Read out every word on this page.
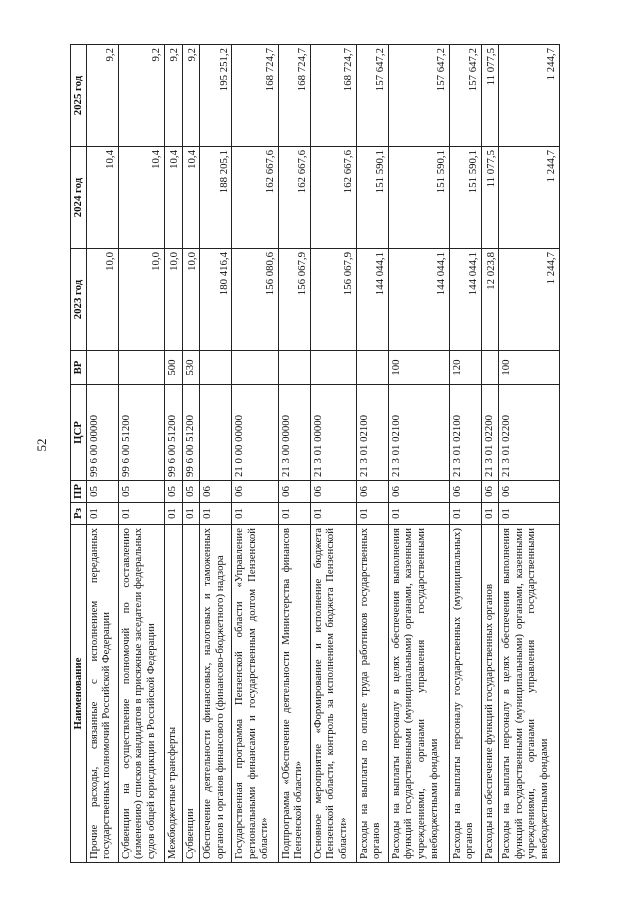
52
Наименование	Рз	ПР	ЦСР	ВР	2023 год	2024 год	2025 год
Прочие расходы, связанные с исполнением переданных государственных полномочий Российской Федерации	01	05	99 6 00 00000		10,0	10,4	9,2
Субвенции на осуществление полномочий по составлению (изменению) списков кандидатов в присяжные заседатели федеральных судов общей юрисдикции в Российской Федерации	01	05	99 6 00 51200		10,0	10,4	9,2
Межбюджетные трансферты	01	05	99 6 00 51200	500	10,0	10,4	9,2
Субвенции	01	05	99 6 00 51200	530	10,0	10,4	9,2
Обеспечение деятельности финансовых, налоговых и таможенных органов и органов финансового (финансово-бюджетного) надзора	01	06			180 416,4	188 205,1	195 251,2
Государственная программа Пензенской области «Управление региональными финансами и государственным долгом Пензенской области»	01	06	21 0 00 00000		156 080,6	162 667,6	168 724,7
Подпрограмма «Обеспечение деятельности Министерства финансов Пензенской области»	01	06	21 3 00 00000		156 067,9	162 667,6	168 724,7
Основное мероприятие «Формирование и исполнение бюджета Пензенской области, контроль за исполнением бюджета Пензенской области»	01	06	21 3 01 00000		156 067,9	162 667,6	168 724,7
Расходы на выплаты по оплате труда работников государственных органов	01	06	21 3 01 02100		144 044,1	151 590,1	157 647,2
Расходы на выплаты персоналу в целях обеспечения выполнения функций государственными (муниципальными) органами, казенными учреждениями, органами управления государственными внебюджетными фондами	01	06	21 3 01 02100	100	144 044,1	151 590,1	157 647,2
Расходы на выплаты персоналу государственных (муниципальных) органов	01	06	21 3 01 02100	120	144 044,1	151 590,1	157 647,2
Расходы на обеспечение функций государственных органов	01	06	21 3 01 02200		12 023,8	11 077,5	11 077,5
Расходы на выплаты персоналу в целях обеспечения выполнения функций государственными (муниципальными) органами, казенными учреждениями, органами управления государственными внебюджетными фондами	01	06	21 3 01 02200	100	1 244,7	1 244,7	1 244,7
